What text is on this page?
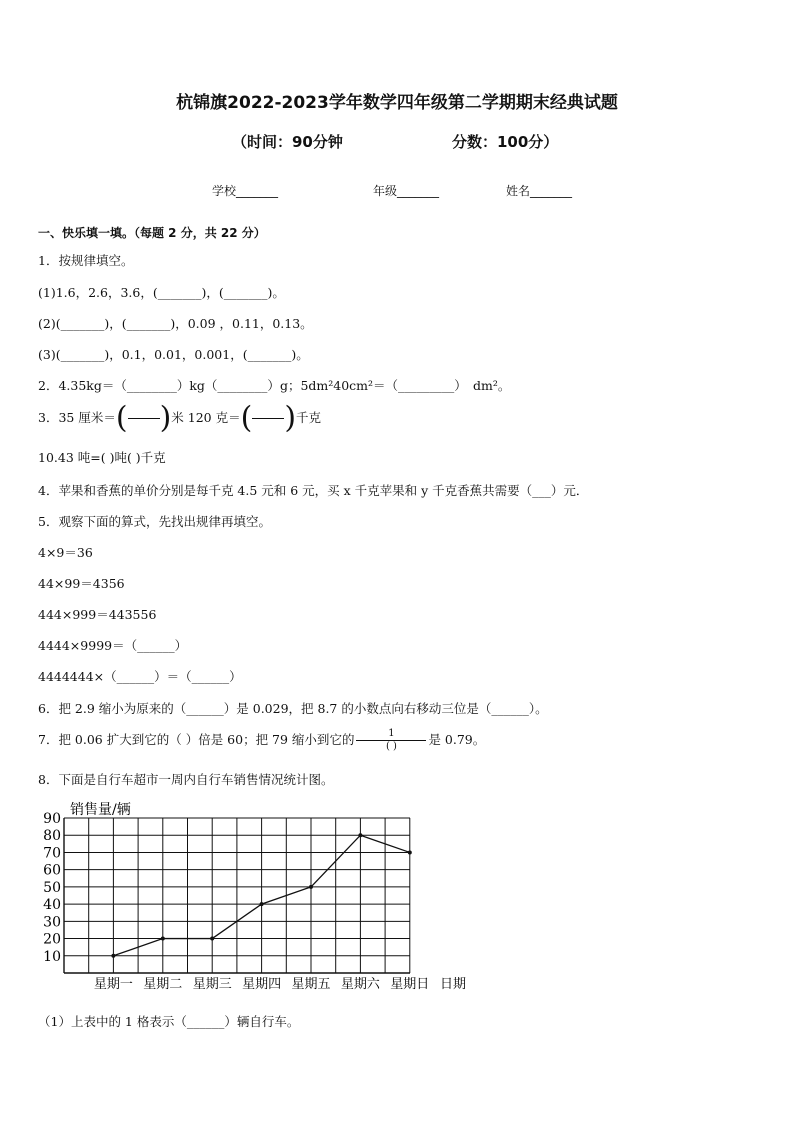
杭锦旗2022-2023学年数学四年级第二学期期末经典试题
（时间：90分钟	分数：100分）
学校_______	年级_______	姓名_______
一、快乐填一填。（每题 2 分，共 22 分）
1．按规律填空。
(1)1.6，2.6，3.6，(_______)，(_______)。
(2)(_______)，(_______)，0.09 ，0.11，0.13。
(3)(_______)，0.1，0.01，0.001，(_______)。
2．4.35kg＝（________）kg（________）g；5dm²40cm²＝（_________）　dm²。
3．35 厘米＝( )米 120 克＝( )千克
10.43 吨=( )吨( )千克
4．苹果和香蕉的单价分别是每千克 4.5 元和 6 元，买 x 千克苹果和 y 千克香蕉共需要（___）元．
5．观察下面的算式，先找出规律再填空。
4×9＝36
44×99＝4356
444×999＝443556
4444×9999＝（______）
4444444×（______）＝（______）
6．把 2.9 缩小为原来的（______）是 0.029，把 8.7 的小数点向右移动三位是（______）。
7．把 0.06 扩大到它的（ ）倍是 60；把 79 缩小到它的 $\frac{1}{( )}$ 是 0.79。
8．下面是自行车超市一周内自行车销售情况统计图。
10
20
30
40
50
60
70
80
90
星期一 星期二 星期三 星期四 星期五 星期六 星期日
销售量/辆
日期
（1）上表中的 1 格表示（______）辆自行车。
